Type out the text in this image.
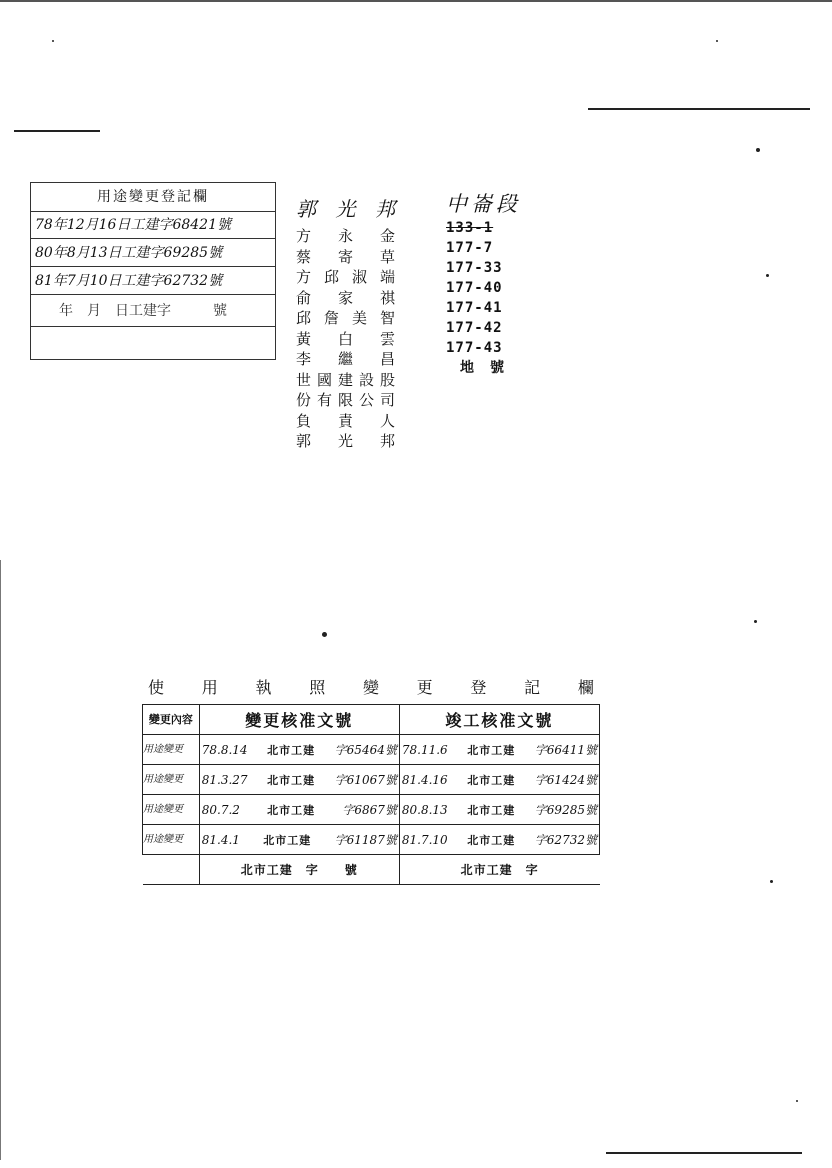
用途變更登記欄
78年12月16日工建字68421號
80年8月13日工建字69285號
81年7月10日工建字62732號
年　月　日工建字　　　號
郭光邦
方永金
蔡寄草
方邱淑端
俞家祺
邱詹美智
黃白雲
李繼昌
世國建設股
份有限公司
負責人
郭光邦
中崙段
133-1
177-7
177-33
177-40
177-41
177-42
177-43
地號
使 用 執 照 變 更 登 記 欄
變更內容	變更核准文號	竣工核准文號
用途變更	78.8.14 北市工建 字65464號	78.11.6 北市工建 字66411號

用途變更	81.3.27 北市工建 字61067號	81.4.16 北市工建 字61424號

用途變更	80.7.2 北市工建 字6867號	80.8.13 北市工建 字69285號

用途變更	81.4.1 北市工建 字61187號	81.7.10 北市工建 字62732號

	北市工建　字　　號	北市工建　字
